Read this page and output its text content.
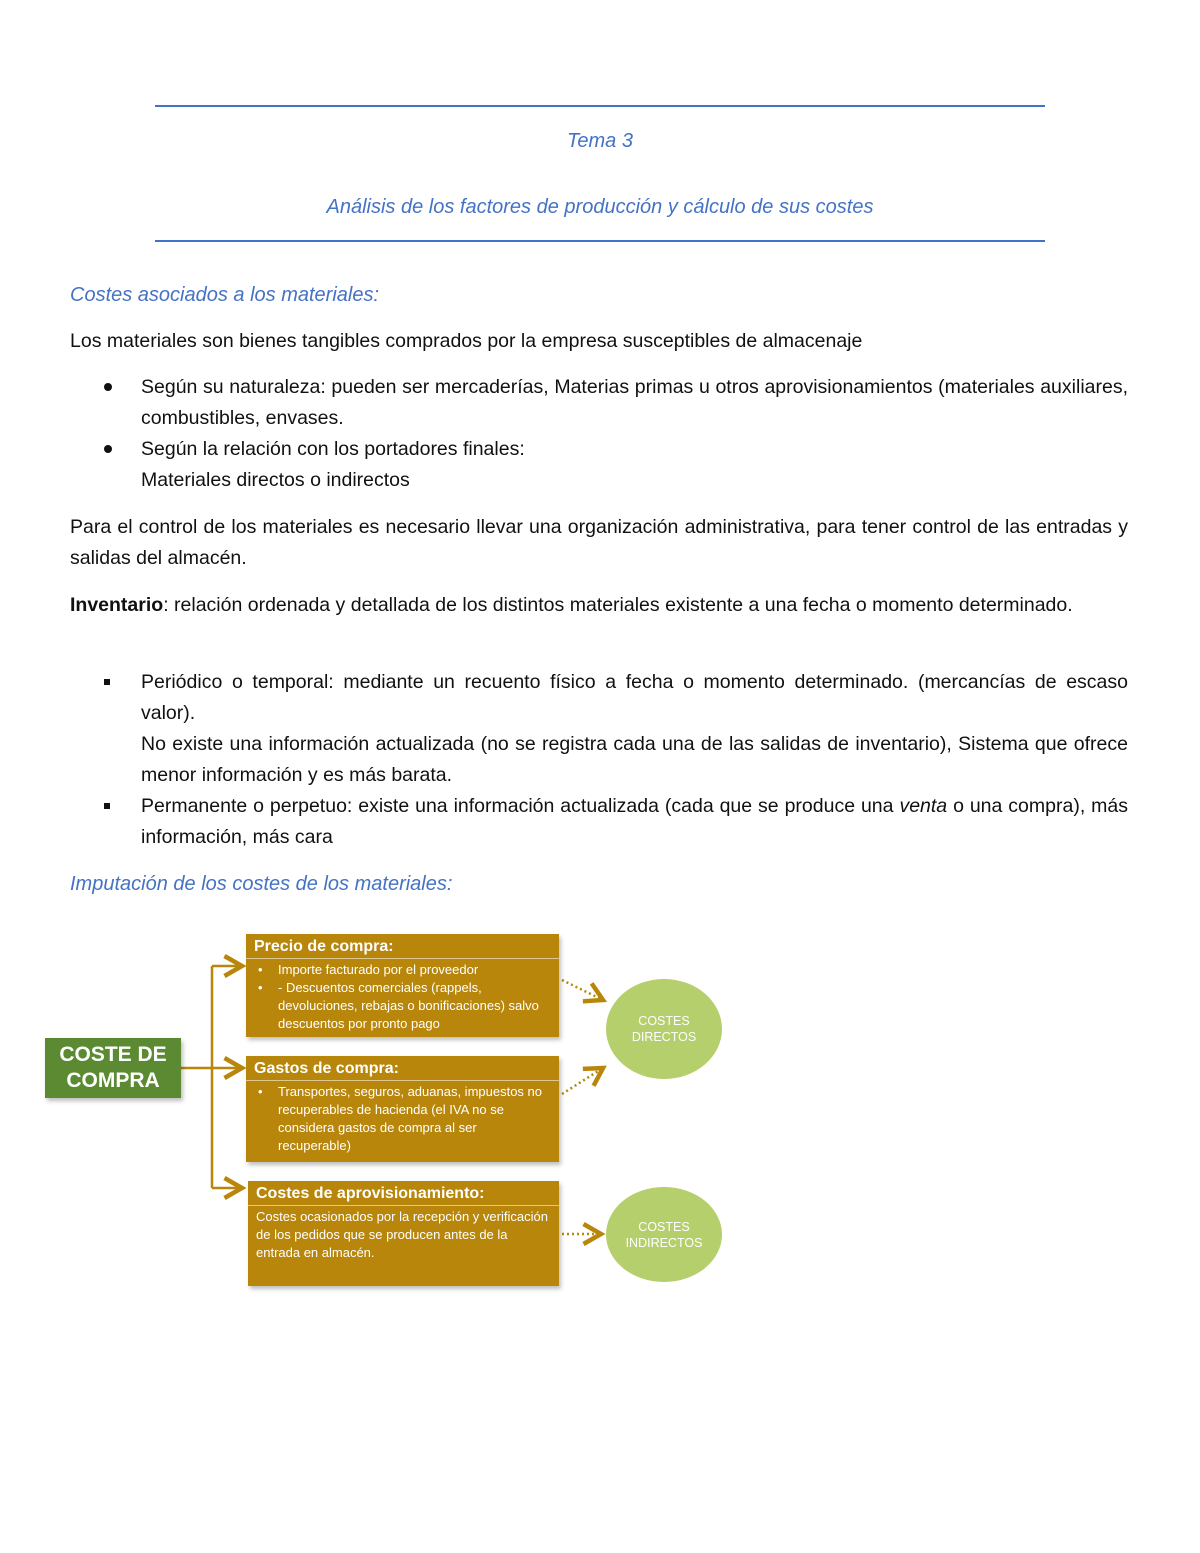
Tema 3
Análisis de los factores de producción y cálculo de sus costes
Costes asociados a los materiales:
Los materiales son bienes tangibles comprados por la empresa susceptibles de almacenaje
Según su naturaleza: pueden ser mercaderías, Materias primas u otros aprovisionamientos (materiales auxiliares, combustibles, envases.
Según la relación con los portadores finales:
Materiales directos o indirectos
Para el control de los materiales es necesario llevar una organización administrativa, para tener control de las entradas y salidas del almacén.
Inventario: relación ordenada y detallada de los distintos materiales existente a una fecha o momento determinado.
Periódico o temporal: mediante un recuento físico a fecha o momento determinado. (mercancías de escaso valor).
No existe una información actualizada (no se registra cada una de las salidas de inventario), Sistema que ofrece menor información y es más barata.
Permanente o perpetuo: existe una información actualizada (cada que se produce una venta o una compra), más información, más cara
Imputación de los costes de los materiales:
COSTE DE
COMPRA
Precio de compra:
• Importe facturado por el proveedor
• - Descuentos comerciales (rappels, devoluciones, rebajas o bonificaciones) salvo descuentos por pronto pago
Gastos de compra:
• Transportes, seguros, aduanas, impuestos no recuperables de hacienda (el IVA no se considera gastos de compra al ser recuperable)
Costes de aprovisionamiento:
Costes ocasionados por la recepción y verificación de los pedidos que se producen antes de la entrada en almacén.
COSTES
DIRECTOS
COSTES
INDIRECTOS
